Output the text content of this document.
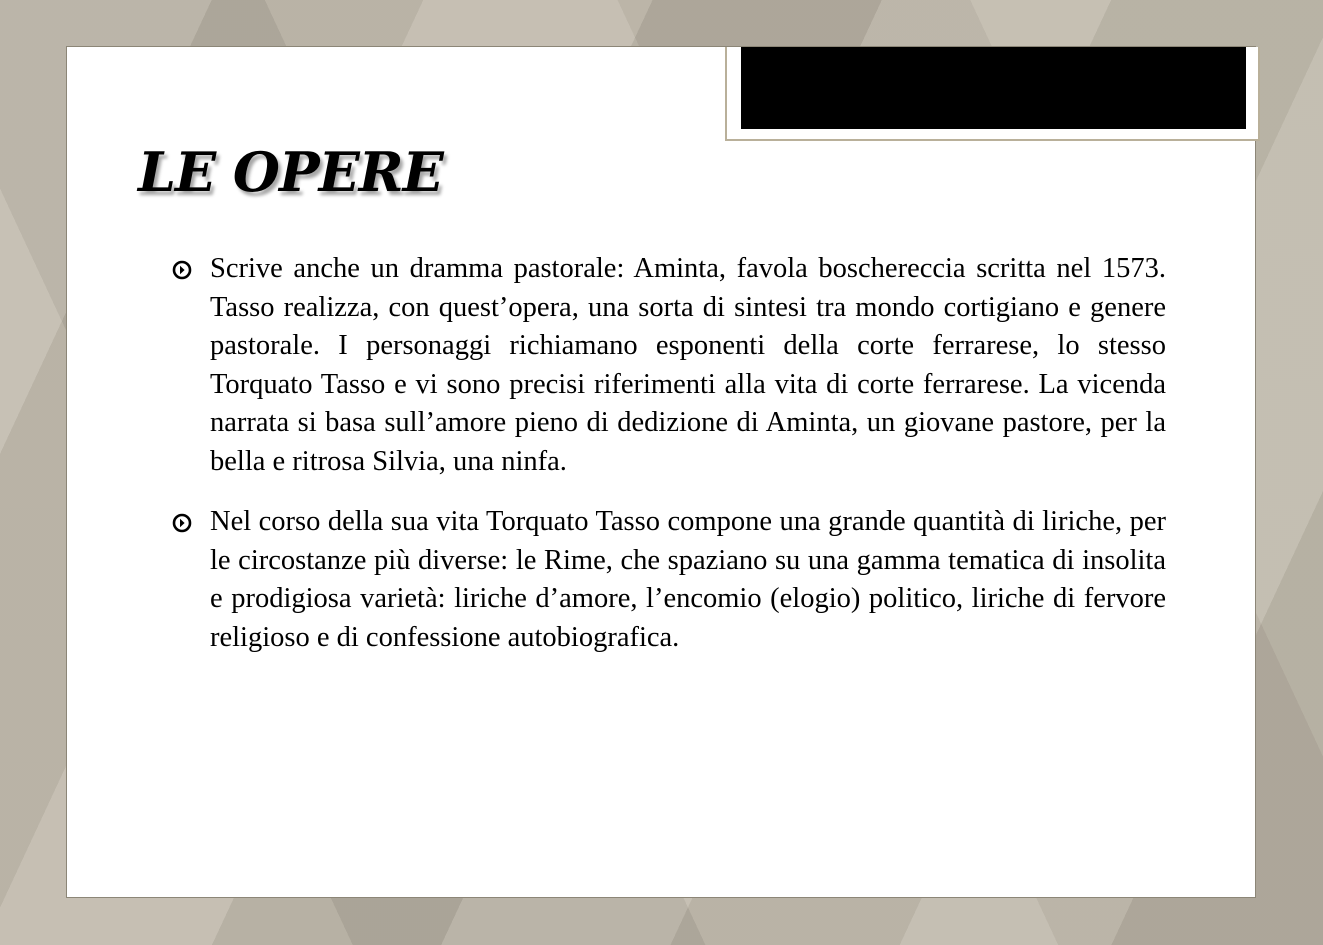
LE OPERE

Scrive anche un dramma pastorale: Aminta, favola boschereccia scritta nel 1573. Tasso realizza, con quest’opera, una sorta di sintesi tra mondo cortigiano e genere pastorale. I personaggi richiamano esponenti della corte ferrarese, lo stesso Torquato Tasso e vi sono precisi riferimenti alla vita di corte ferrarese. La vicenda narrata si basa sull’amore pieno di dedizione di Aminta, un giovane pastore, per la bella e ritrosa Silvia, una ninfa.

Nel corso della sua vita Torquato Tasso compone una grande quantità di liriche, per le circostanze più diverse: le Rime, che spaziano su una gamma tematica di insolita e prodigiosa varietà: liriche d’amore, l’encomio (elogio) politico, liriche di fervore religioso e di confessione autobiografica.
